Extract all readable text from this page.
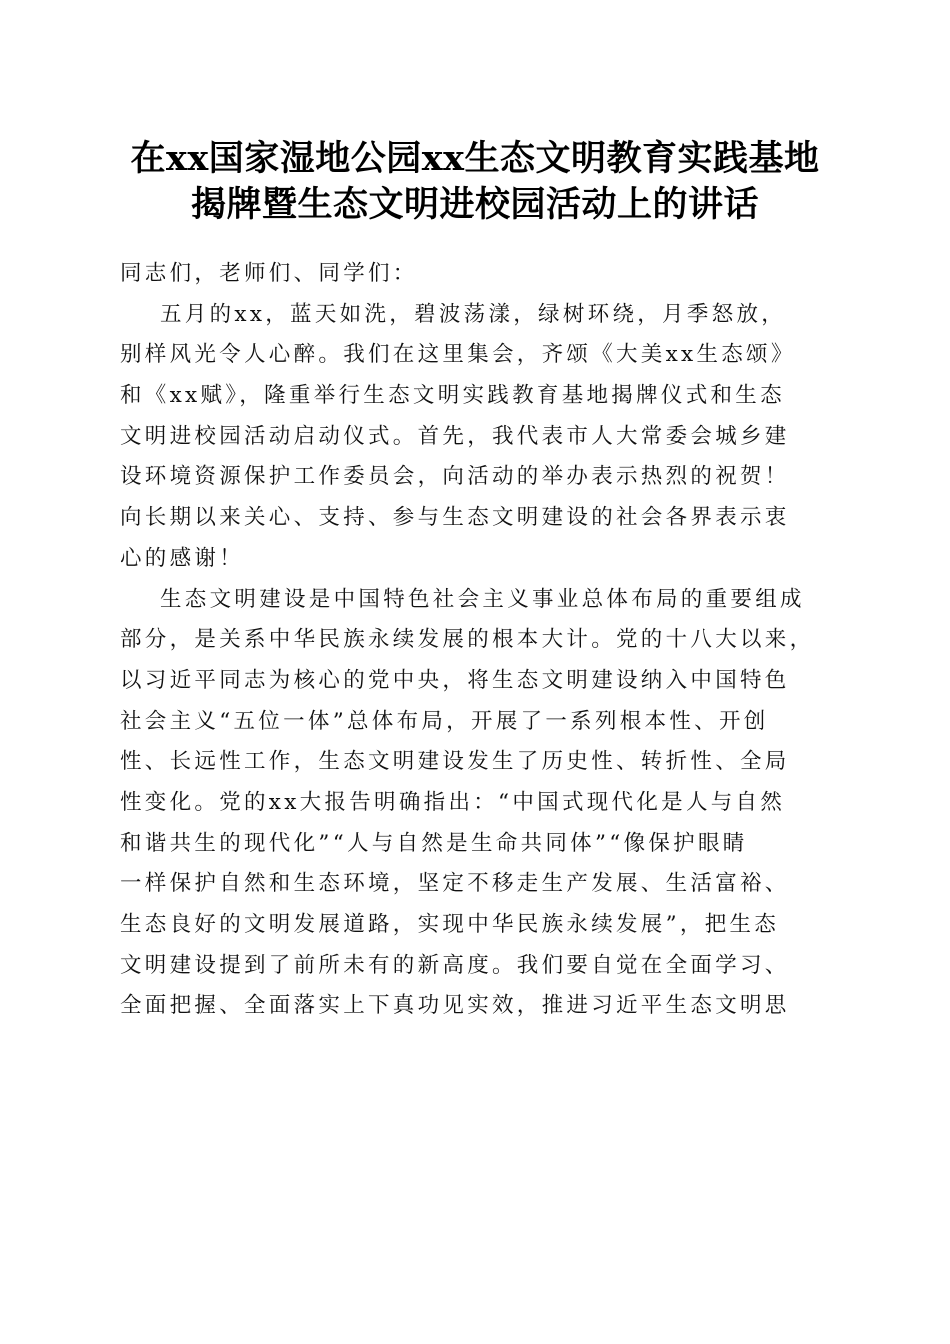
在xx国家湿地公园xx生态文明教育实践基地
揭牌暨生态文明进校园活动上的讲话
同志们，老师们、同学们：
五月的xx，蓝天如洗，碧波荡漾，绿树环绕，月季怒放，
别样风光令人心醉。我们在这里集会，齐颂《大美xx生态颂》
和《xx赋》，隆重举行生态文明实践教育基地揭牌仪式和生态
文明进校园活动启动仪式。首先，我代表市人大常委会城乡建
设环境资源保护工作委员会，向活动的举办表示热烈的祝贺！
向长期以来关心、支持、参与生态文明建设的社会各界表示衷
心的感谢！
生态文明建设是中国特色社会主义事业总体布局的重要组成
部分，是关系中华民族永续发展的根本大计。党的十八大以来，
以习近平同志为核心的党中央，将生态文明建设纳入中国特色
社会主义“五位一体”总体布局，开展了一系列根本性、开创
性、长远性工作，生态文明建设发生了历史性、转折性、全局
性变化。党的xx大报告明确指出：“中国式现代化是人与自然
和谐共生的现代化”“人与自然是生命共同体”“像保护眼睛
一样保护自然和生态环境，坚定不移走生产发展、生活富裕、
生态良好的文明发展道路，实现中华民族永续发展”，把生态
文明建设提到了前所未有的新高度。我们要自觉在全面学习、
全面把握、全面落实上下真功见实效，推进习近平生态文明思
